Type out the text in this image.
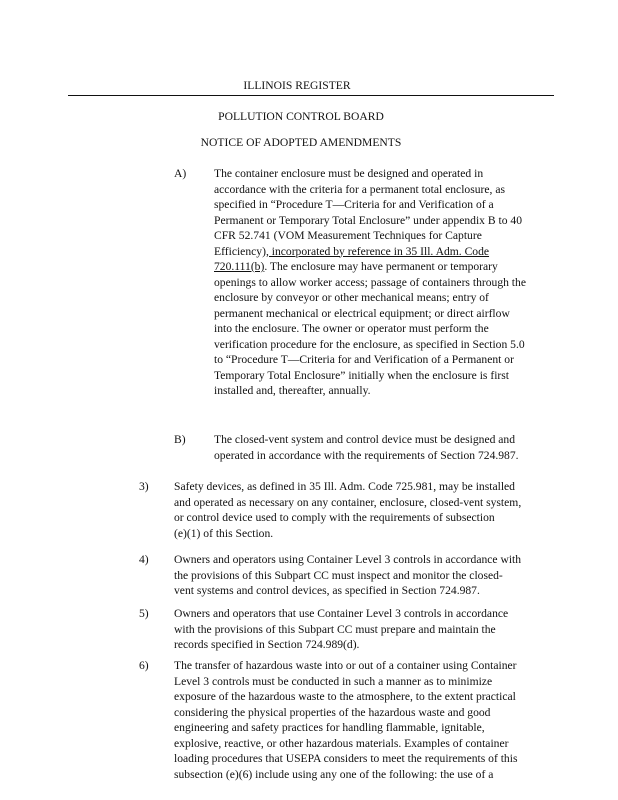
ILLINOIS REGISTER
POLLUTION CONTROL BOARD
NOTICE OF ADOPTED AMENDMENTS
A) The container enclosure must be designed and operated in
accordance with the criteria for a permanent total enclosure, as
specified in “Procedure T—Criteria for and Verification of a
Permanent or Temporary Total Enclosure” under appendix B to 40
CFR 52.741 (VOM Measurement Techniques for Capture
Efficiency), incorporated by reference in 35 Ill. Adm. Code
720.111(b). The enclosure may have permanent or temporary
openings to allow worker access; passage of containers through the
enclosure by conveyor or other mechanical means; entry of
permanent mechanical or electrical equipment; or direct airflow
into the enclosure. The owner or operator must perform the
verification procedure for the enclosure, as specified in Section 5.0
to “Procedure T—Criteria for and Verification of a Permanent or
Temporary Total Enclosure” initially when the enclosure is first
installed and, thereafter, annually.
B) The closed-vent system and control device must be designed and
operated in accordance with the requirements of Section 724.987.
3) Safety devices, as defined in 35 Ill. Adm. Code 725.981, may be installed
and operated as necessary on any container, enclosure, closed-vent system,
or control device used to comply with the requirements of subsection
(e)(1) of this Section.
4) Owners and operators using Container Level 3 controls in accordance with
the provisions of this Subpart CC must inspect and monitor the closed-
vent systems and control devices, as specified in Section 724.987.
5) Owners and operators that use Container Level 3 controls in accordance
with the provisions of this Subpart CC must prepare and maintain the
records specified in Section 724.989(d).
6) The transfer of hazardous waste into or out of a container using Container
Level 3 controls must be conducted in such a manner as to minimize
exposure of the hazardous waste to the atmosphere, to the extent practical
considering the physical properties of the hazardous waste and good
engineering and safety practices for handling flammable, ignitable,
explosive, reactive, or other hazardous materials. Examples of container
loading procedures that USEPA considers to meet the requirements of this
subsection (e)(6) include using any one of the following: the use of a
